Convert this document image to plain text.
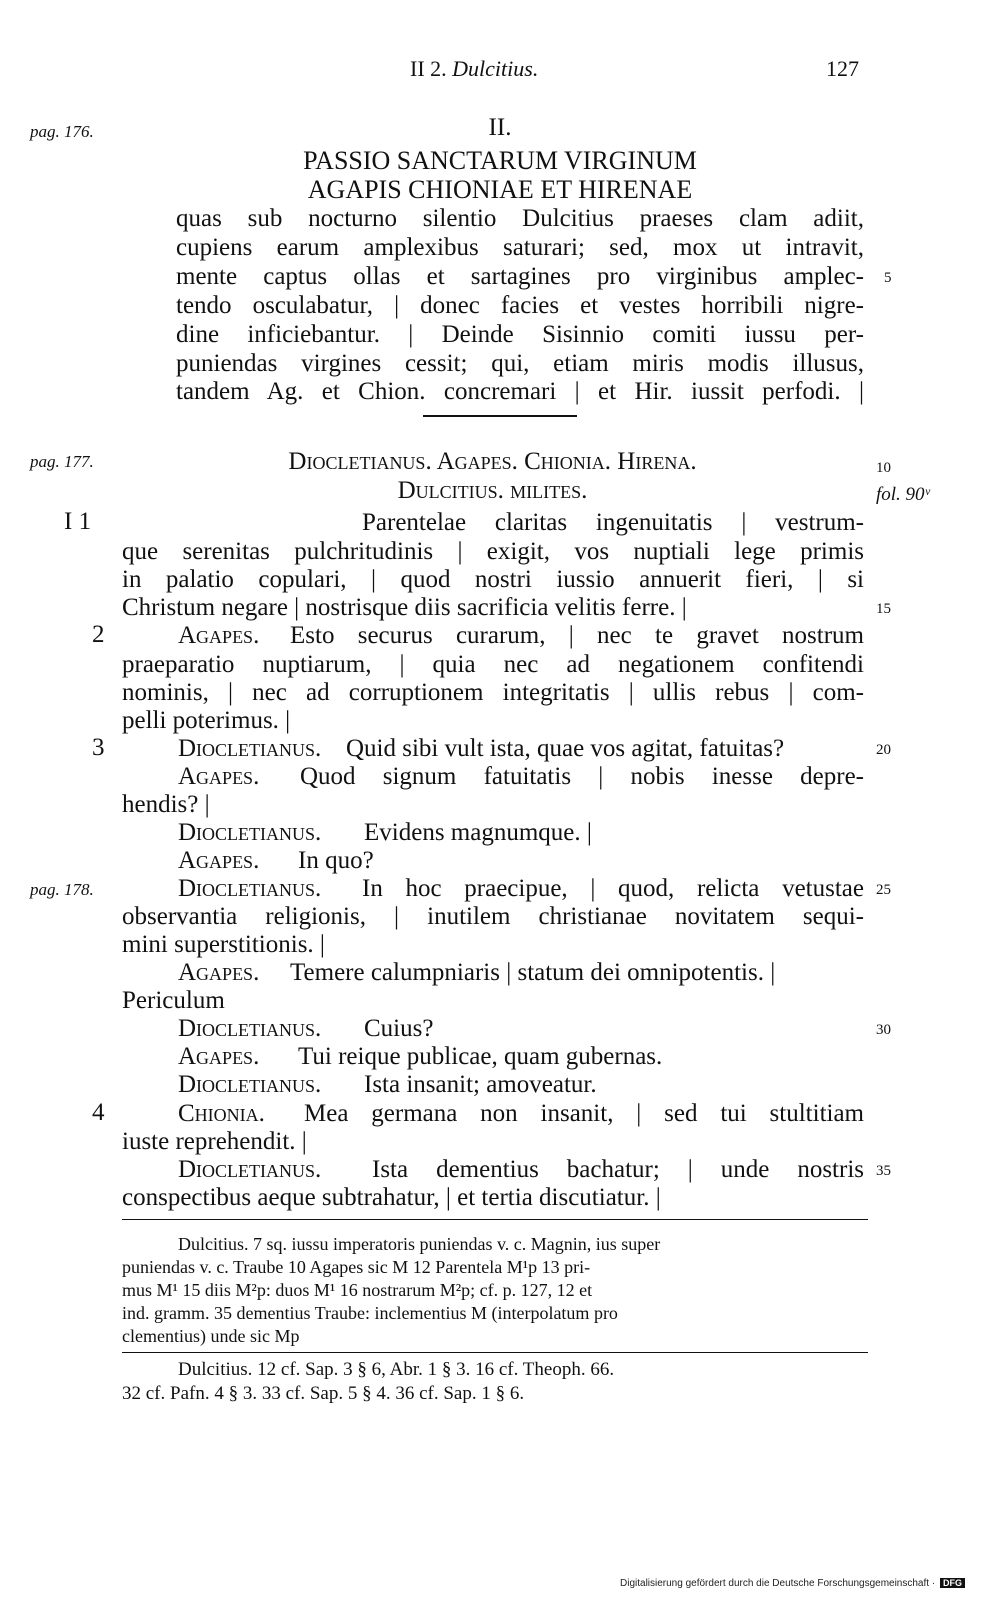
II 2. Dulcitius.	127
pag. 176.
pag. 177.
fol. 90ᵛ
pag. 178.
II.
PASSIO SANCTARUM VIRGINUM
AGAPIS CHIONIAE ET HIRENAE
quas sub nocturno silentio Dulcitius praeses clam adiit,
cupiens earum amplexibus saturari; sed, mox ut intravit,
mente captus ollas et sartagines pro virginibus amplec-
tendo osculabatur, | donec facies et vestes horribili nigre-
dine inficiebantur. | Deinde Sisinnio comiti iussu per-
puniendas virgines cessit; qui, etiam miris modis illusus,
tandem Ag. et Chion. concremari | et Hir. iussit perfodi. |
5
Diocletianus. Agapes. Chionia. Hirena.
Dulcitius. milites.
10
I 1
2
3
4
Parentelae claritas ingenuitatis | vestrum-
que serenitas pulchritudinis | exigit, vos nuptiali lege primis
in palatio copulari, | quod nostri iussio annuerit fieri, | si
Christum negare | nostrisque diis sacrificia velitis ferre. |	15
Agapes. Esto securus curarum, | nec te gravet nostrum
praeparatio nuptiarum, | quia nec ad negationem confitendi
nominis, | nec ad corruptionem integritatis | ullis rebus | com-
pelli poterimus. |
Diocletianus. Quid sibi vult ista, quae vos agitat, fatuitas?	20
Agapes. Quod signum fatuitatis | nobis inesse depre-
hendis? |
Diocletianus. Evidens magnumque. |
Agapes. In quo?
Diocletianus. In hoc praecipue, | quod, relicta vetustae 25
observantia religionis, | inutilem christianae novitatem sequi-
mini superstitionis. |
Agapes. Temere calumpniaris | statum dei omnipotentis. |
Periculum
Diocletianus. Cuius?	30
Agapes. Tui reique publicae, quam gubernas.
Diocletianus. Ista insanit; amoveatur.
Chionia. Mea germana non insanit, | sed tui stultitiam
iuste reprehendit. |
Diocletianus. Ista dementius bachatur; | unde nostris 35
conspectibus aeque subtrahatur, | et tertia discutiatur. |
Dulcitius. 7 sq. iussu imperatoris puniendas v. c. Magnin, ius super
puniendas v. c. Traube 10 Agapes sic M 12 Parentela M¹p 13 pri-
mus M¹ 15 diis M²p: duos M¹ 16 nostrarum M²p; cf. p. 127, 12 et
ind. gramm. 35 dementius Traube: inclementius M (interpolatum pro
clementius) unde sic Mp
Dulcitius. 12 cf. Sap. 3 § 6, Abr. 1 § 3. 16 cf. Theoph. 66.
32 cf. Pafn. 4 § 3. 33 cf. Sap. 5 § 4. 36 cf. Sap. 1 § 6.
Digitalisierung gefördert durch die Deutsche Forschungsgemeinschaft · DFG
